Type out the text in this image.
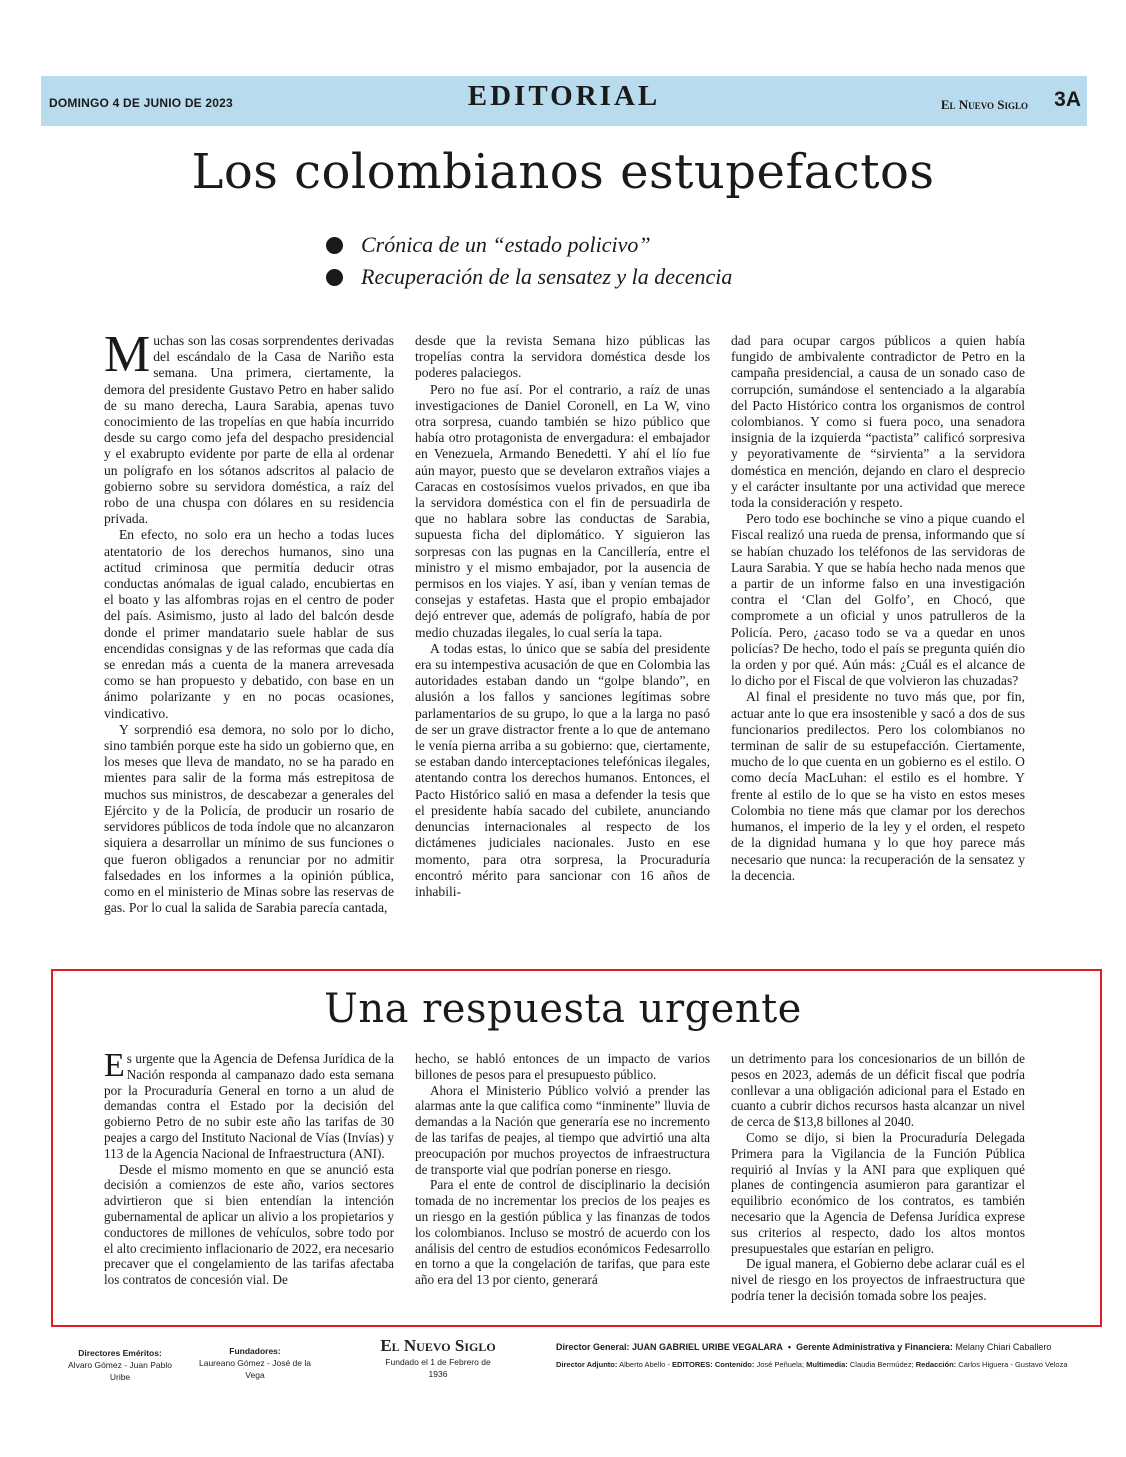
DOMINGO 4 DE JUNIO DE 2023	EDITORIAL	El Nuevo Siglo 3A
Los colombianos estupefactos
Crónica de un “estado policivo”
Recuperación de la sensatez y la decencia

Muchas son las cosas sorprendentes derivadas del escándalo de la Casa de Nariño esta semana. Una primera, ciertamente, la demora del presidente Gustavo Petro en haber salido de su mano derecha, Laura Sarabia, apenas tuvo conocimiento de las tropelías en que había incurrido desde su cargo como jefa del despacho presidencial y el exabrupto evidente por parte de ella al ordenar un polígrafo en los sótanos adscritos al palacio de gobierno sobre su servidora doméstica, a raíz del robo de una chuspa con dólares en su residencia privada.

En efecto, no solo era un hecho a todas luces atentatorio de los derechos humanos, sino una actitud criminosa que permitía deducir otras conductas anómalas de igual calado, encubiertas en el boato y las alfombras rojas en el centro de poder del país. Asimismo, justo al lado del balcón desde donde el primer mandatario suele hablar de sus encendidas consignas y de las reformas que cada día se enredan más a cuenta de la manera arrevesada como se han propuesto y debatido, con base en un ánimo polarizante y en no pocas ocasiones, vindicativo.

Y sorprendió esa demora, no solo por lo dicho, sino también porque este ha sido un gobierno que, en los meses que lleva de mandato, no se ha parado en mientes para salir de la forma más estrepitosa de muchos sus ministros, de descabezar a generales del Ejército y de la Policía, de producir un rosario de servidores públicos de toda índole que no alcanzaron siquiera a desarrollar un mínimo de sus funciones o que fueron obligados a renunciar por no admitir falsedades en los informes a la opinión pública, como en el ministerio de Minas sobre las reservas de gas. Por lo cual la salida de Sarabia parecía cantada,

desde que la revista Semana hizo públicas las tropelías contra la servidora doméstica desde los poderes palaciegos.

Pero no fue así. Por el contrario, a raíz de unas investigaciones de Daniel Coronell, en La W, vino otra sorpresa, cuando también se hizo público que había otro protagonista de envergadura: el embajador en Venezuela, Armando Benedetti. Y ahí el lío fue aún mayor, puesto que se develaron extraños viajes a Caracas en costosísimos vuelos privados, en que iba la servidora doméstica con el fin de persuadirla de que no hablara sobre las conductas de Sarabia, supuesta ficha del diplomático. Y siguieron las sorpresas con las pugnas en la Cancillería, entre el ministro y el mismo embajador, por la ausencia de permisos en los viajes. Y así, iban y venían temas de consejas y estafetas. Hasta que el propio embajador dejó entrever que, además de polígrafo, había de por medio chuzadas ilegales, lo cual sería la tapa.

A todas estas, lo único que se sabía del presidente era su intempestiva acusación de que en Colombia las autoridades estaban dando un “golpe blando”, en alusión a los fallos y sanciones legítimas sobre parlamentarios de su grupo, lo que a la larga no pasó de ser un grave distractor frente a lo que de antemano le venía pierna arriba a su gobierno: que, ciertamente, se estaban dando interceptaciones telefónicas ilegales, atentando contra los derechos humanos. Entonces, el Pacto Histórico salió en masa a defender la tesis que el presidente había sacado del cubilete, anunciando denuncias internacionales al respecto de los dictámenes judiciales nacionales. Justo en ese momento, para otra sorpresa, la Procuraduría encontró mérito para sancionar con 16 años de inhabili-

dad para ocupar cargos públicos a quien había fungido de ambivalente contradictor de Petro en la campaña presidencial, a causa de un sonado caso de corrupción, sumándose el sentenciado a la algarabía del Pacto Histórico contra los organismos de control colombianos. Y como si fuera poco, una senadora insignia de la izquierda “pactista” calificó sorpresiva y peyorativamente de “sirvienta” a la servidora doméstica en mención, dejando en claro el desprecio y el carácter insultante por una actividad que merece toda la consideración y respeto.

Pero todo ese bochinche se vino a pique cuando el Fiscal realizó una rueda de prensa, informando que sí se habían chuzado los teléfonos de las servidoras de Laura Sarabia. Y que se había hecho nada menos que a partir de un informe falso en una investigación contra el ‘Clan del Golfo’, en Chocó, que compromete a un oficial y unos patrulleros de la Policía. Pero, ¿acaso todo se va a quedar en unos policías? De hecho, todo el país se pregunta quién dio la orden y por qué. Aún más: ¿Cuál es el alcance de lo dicho por el Fiscal de que volvieron las chuzadas?

Al final el presidente no tuvo más que, por fin, actuar ante lo que era insostenible y sacó a dos de sus funcionarios predilectos. Pero los colombianos no terminan de salir de su estupefacción. Ciertamente, mucho de lo que cuenta en un gobierno es el estilo. O como decía MacLuhan: el estilo es el hombre. Y frente al estilo de lo que se ha visto en estos meses Colombia no tiene más que clamar por los derechos humanos, el imperio de la ley y el orden, el respeto de la dignidad humana y lo que hoy parece más necesario que nunca: la recuperación de la sensatez y la decencia.

Una respuesta urgente

Es urgente que la Agencia de Defensa Jurídica de la Nación responda al campanazo dado esta semana por la Procuraduría General en torno a un alud de demandas contra el Estado por la decisión del gobierno Petro de no subir este año las tarifas de 30 peajes a cargo del Instituto Nacional de Vías (Invías) y 113 de la Agencia Nacional de Infraestructura (ANI).

Desde el mismo momento en que se anunció esta decisión a comienzos de este año, varios sectores advirtieron que si bien entendían la intención gubernamental de aplicar un alivio a los propietarios y conductores de millones de vehículos, sobre todo por el alto crecimiento inflacionario de 2022, era necesario precaver que el congelamiento de las tarifas afectaba los contratos de concesión vial. De

hecho, se habló entonces de un impacto de varios billones de pesos para el presupuesto público.

Ahora el Ministerio Público volvió a prender las alarmas ante la que califica como “inminente” lluvia de demandas a la Nación que generaría ese no incremento de las tarifas de peajes, al tiempo que advirtió una alta preocupación por muchos proyectos de infraestructura de transporte vial que podrían ponerse en riesgo.

Para el ente de control de disciplinario la decisión tomada de no incrementar los precios de los peajes es un riesgo en la gestión pública y las finanzas de todos los colombianos. Incluso se mostró de acuerdo con los análisis del centro de estudios económicos Fedesarrollo en torno a que la congelación de tarifas, que para este año era del 13 por ciento, generará

un detrimento para los concesionarios de un billón de pesos en 2023, además de un déficit fiscal que podría conllevar a una obligación adicional para el Estado en cuanto a cubrir dichos recursos hasta alcanzar un nivel de cerca de $13,8 billones al 2040.

Como se dijo, si bien la Procuraduría Delegada Primera para la Vigilancia de la Función Pública requirió al Invías y la ANI para que expliquen qué planes de contingencia asumieron para garantizar el equilibrio económico de los contratos, es también necesario que la Agencia de Defensa Jurídica exprese sus criterios al respecto, dado los altos montos presupuestales que estarían en peligro.

De igual manera, el Gobierno debe aclarar cuál es el nivel de riesgo en los proyectos de infraestructura que podría tener la decisión tomada sobre los peajes.

Directores Eméritos:
Alvaro Gómez - Juan Pablo Uribe
Fundadores:
Laureano Gómez - José de la Vega
El Nuevo Siglo
Fundado el 1 de Febrero de 1936
Director General: JUAN GABRIEL URIBE VEGALARA • Gerente Administrativa y Financiera: Melany Chiari Caballero
Director Adjunto: Alberto Abello - EDITORES: Contenido: José Peñuela; Multimedia: Claudia Bermúdez; Redacción: Carlos Higuera - Gustavo Veloza
